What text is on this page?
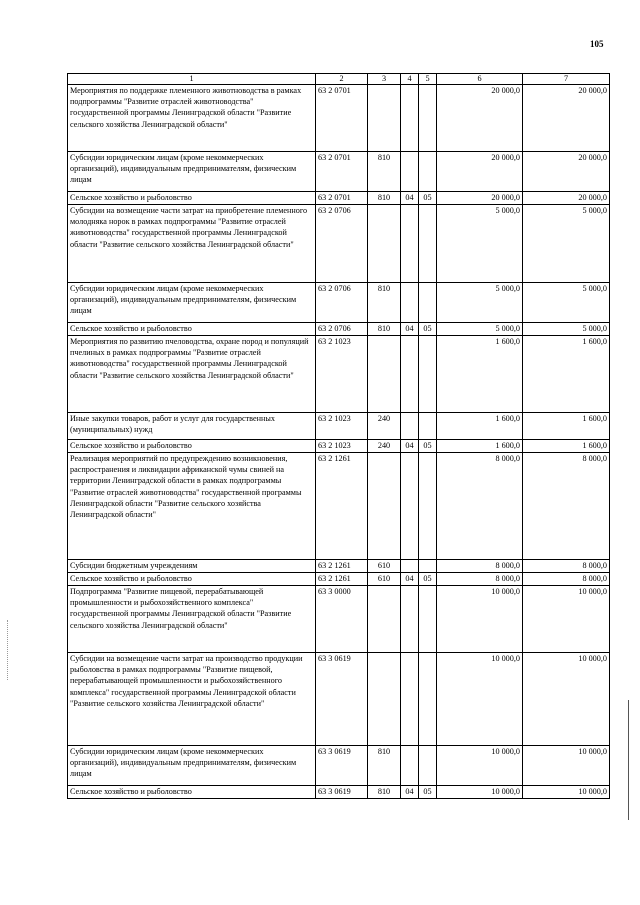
105
1	2	3	4	5	6	7
Мероприятия по поддержке племенного животноводства в рамках подпрограммы "Развитие отраслей животноводства" государственной программы Ленинградской области "Развитие сельского хозяйства Ленинградской области"	63 2 0701				20 000,0	20 000,0
Субсидии юридическим лицам (кроме некоммерческих организаций), индивидуальным предпринимателям, физическим лицам	63 2 0701	810			20 000,0	20 000,0
Сельское хозяйство и рыболовство	63 2 0701	810	04	05	20 000,0	20 000,0
Субсидии на возмещение части затрат на приобретение племенного молодняка норок в рамках подпрограммы "Развитие отраслей животноводства" государственной программы Ленинградской области "Развитие сельского хозяйства Ленинградской области"	63 2 0706				5 000,0	5 000,0
Субсидии юридическим лицам (кроме некоммерческих организаций), индивидуальным предпринимателям, физическим лицам	63 2 0706	810			5 000,0	5 000,0
Сельское хозяйство и рыболовство	63 2 0706	810	04	05	5 000,0	5 000,0
Мероприятия по развитию пчеловодства, охране пород и популяций пчелиных в рамках подпрограммы "Развитие отраслей животноводства" государственной программы Ленинградской области "Развитие сельского хозяйства Ленинградской области"	63 2 1023				1 600,0	1 600,0
Иные закупки товаров, работ и услуг для государственных (муниципальных) нужд	63 2 1023	240			1 600,0	1 600,0
Сельское хозяйство и рыболовство	63 2 1023	240	04	05	1 600,0	1 600,0
Реализация мероприятий по предупреждению возникновения, распространения и ликвидации африканской чумы свиней на территории Ленинградской области в рамках подпрограммы "Развитие отраслей животноводства" государственной программы Ленинградской области "Развитие сельского хозяйства Ленинградской области"	63 2 1261				8 000,0	8 000,0
Субсидии бюджетным учреждениям	63 2 1261	610			8 000,0	8 000,0
Сельское хозяйство и рыболовство	63 2 1261	610	04	05	8 000,0	8 000,0
Подпрограмма "Развитие пищевой, перерабатывающей промышленности и рыбохозяйственного комплекса" государственной программы Ленинградской области "Развитие сельского хозяйства Ленинградской области"	63 3 0000				10 000,0	10 000,0
Субсидии на возмещение части затрат на производство продукции рыболовства в рамках подпрограммы "Развитие пищевой, перерабатывающей промышленности и рыбохозяйственного комплекса" государственной программы Ленинградской области "Развитие сельского хозяйства Ленинградской области"	63 3 0619				10 000,0	10 000,0
Субсидии юридическим лицам (кроме некоммерческих организаций), индивидуальным предпринимателям, физическим лицам	63 3 0619	810			10 000,0	10 000,0
Сельское хозяйство и рыболовство	63 3 0619	810	04	05	10 000,0	10 000,0
